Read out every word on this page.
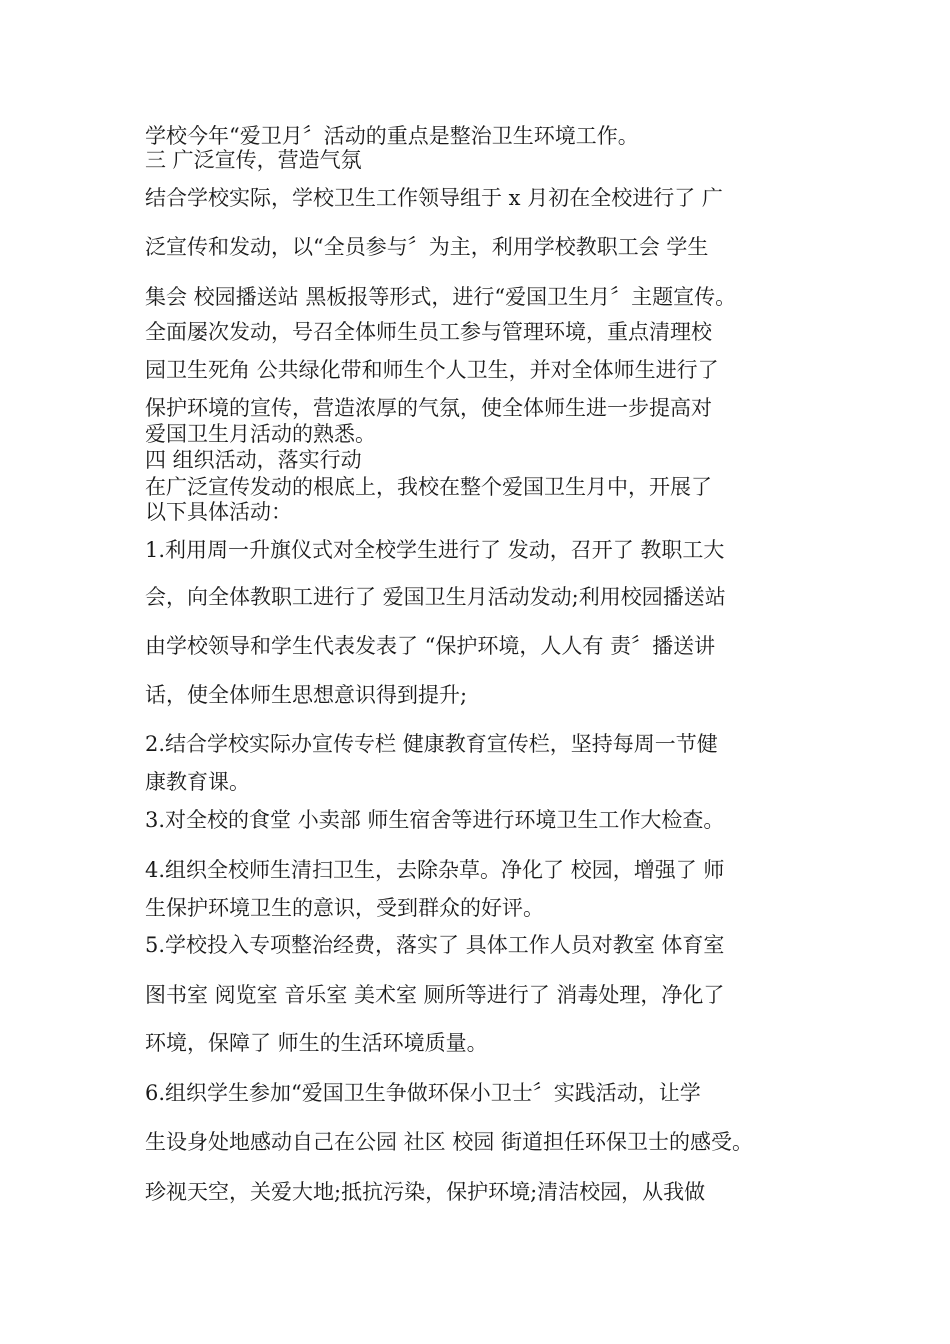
学校今年“爱卫月〞活动的重点是整治卫生环境工作。
三 广泛宣传，营造气氛
结合学校实际，学校卫生工作领导组于 x 月初在全校进行了 广
泛宣传和发动，以“全员参与〞为主，利用学校教职工会 学生
集会 校园播送站 黑板报等形式，进行“爱国卫生月〞主题宣传。
全面屡次发动，号召全体师生员工参与管理环境，重点清理校
园卫生死角 公共绿化带和师生个人卫生，并对全体师生进行了
保护环境的宣传，营造浓厚的气氛，使全体师生进一步提高对
爱国卫生月活动的熟悉。
四 组织活动，落实行动
在广泛宣传发动的根底上，我校在整个爱国卫生月中，开展了
以下具体活动：
1.利用周一升旗仪式对全校学生进行了 发动，召开了 教职工大
会，向全体教职工进行了 爱国卫生月活动发动;利用校园播送站
由学校领导和学生代表发表了 “保护环境，人人有 责〞播送讲
话，使全体师生思想意识得到提升;
2.结合学校实际办宣传专栏 健康教育宣传栏，坚持每周一节健
康教育课。
3.对全校的食堂 小卖部 师生宿舍等进行环境卫生工作大检查。
4.组织全校师生清扫卫生，去除杂草。净化了 校园，增强了 师
生保护环境卫生的意识，受到群众的好评。
5.学校投入专项整治经费，落实了 具体工作人员对教室 体育室
图书室 阅览室 音乐室 美术室 厕所等进行了 消毒处理，净化了
环境，保障了 师生的生活环境质量。
6.组织学生参加“爱国卫生争做环保小卫士〞实践活动，让学
生设身处地感动自己在公园 社区 校园 街道担任环保卫士的感受。
珍视天空，关爱大地;抵抗污染，保护环境;清洁校园，从我做
